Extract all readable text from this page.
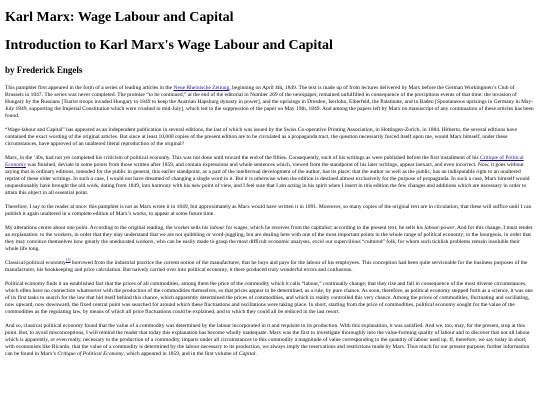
Karl Marx: Wage Labour and Capital
Introduction to Karl Marx's Wage Labour and Capital
by Frederick Engels

This pamphlet first appeared in the form of a series of leading articles in the Neue Rheinische Zeitung, beginning on April 4th, 1849. The text is made up of from lectures delivered by Marx before the German Workingmen’s Club of Brussels in 1847. The series was never completed. The promise “to be continued,” at the end of the editorial in Number 269 of the newspaper, remained unfulfilled in consequence of the precipitous events of that time: the invasion of Hungary by the Russians [Tsarist troops invaded Hungary in 1849 to keep the Austrian Hapsburg dynasty in power], and the uprisings in Dresden, Iserlohn, Elberfeld, the Palatinate, and in Baden [Spontaneous uprisings in Germany in May-July 1849, supporting the Imperial Constitution which were crushed in mid-July], which led to the suppression of the paper on May 19th, 1849. And among the papers left by Marx no manuscript of any continuation of these articles has been found.

“Wage-labour and Capital” has appeared as an independent publication in several editions, the last of which was issued by the Swiss Co-operative Printing Association, in Hottingen-Zurich, in 1884. Hitherto, the several editions have contained the exact wording of the original articles. But since at least 10,000 copies of the present edition are to be circulated as a propaganda tract, the question necessarily forced itself upon me, would Marx himself, under these circumstances, have approved of an unaltered literal reproduction of the original?

Marx, in the ’40s, had not yet completed his criticism of political economy. This was not done until toward the end of the fifties. Consequently, such of his writings as were published before the first installment of his Critique of Political Economy was finished, deviate in some points from those written after 1859, and contain expressions and whole sentences which, viewed from the standpoint of his later writings, appear inexact, and even incorrect. Now, it goes without saying that in ordinary editions, intended for the public in general, this earlier standpoint, as a part of the intellectual development of the author, has its place; that the author as well as the public, has an indisputable right to an unaltered reprint of these older writings. In such a case, I would not have dreamed of changing a single word in it. But it is otherwise when the edition is destined almost exclusively for the purpose of propaganda. In such a case, Marx himself would unquestionably have brought the old work, dating from 1849, into harmony with his new point of view, and I feel sure that I am acting in his spirit when I insert in this edition the few changes and additions which are necessary in order to attain this object in all essential point.

Therefore, I say to the reader at once: this pamphlet is not as Marx wrote it in 1849, but approximately as Marx would have written it in 1891. Moreover, so many copies of the original text are in circulation, that these will suffice until I can publish it again unaltered in a complete edition of Marx’s works, to appear at some future time.

My alterations centre about one point. According to the original reading, the worker sells his labour for wages, which he receives from the capitalist; according to the present text, he sells his labour-power. And for this change, I must render an explanation: to the workers, in order that they may understand that we are not quibbling or word-juggling, but are dealing here with one of the most important points in the whole range of political economy; to the bourgeois, in order that they may convince themselves how greatly the uneducated workers, who can be easily made to grasp the most difficult economic analyses, excel our supercilious “cultured” folk, for whom such ticklish problems remain insoluble their whole life long.

Classical political economy[1] borrowed from the industrial practice the current notion of the manufacturer, that he buys and pays for the labour of his employees. This conception had been quite serviceable for the business purposes of the manufacturer, his bookkeeping and price calculation. But naively carried over into political economy, it there produced truly wonderful errors and confusions.

Political economy finds it an established fact that the prices of all commodities, among them the price of the commodity which it calls “labour,” continually change; that they rise and fall in consequence of the most diverse circumstances, which often have no connection whatsoever with the production of the commodities themselves, so that prices appear to be determined, as a rule, by pure chance. As soon, therefore, as political economy stepped forth as a science, it was one of its first tasks to search for the law that hid itself behind this chance, which apparently determined the prices of commodities, and which in reality controlled this very chance. Among the prices of commodities, fluctuating and oscillating, now upward, now downward, the fixed central point was searched for around which these fluctuations and oscillations were taking place. In short, starting from the price of commodities, political economy sought for the value of the commodities as the regulating law, by means of which all price fluctuations could be explained, and to which they could all be reduced in the last resort.

And so, classical political economy found that the value of a commodity was determined by the labour incorporated in it and requisite to its production. With this explanation, it was satisfied. And we, too, may, for the present, stop at this point. But, to avoid misconceptions, I will remind the reader that today this explanation has become wholly inadequate. Marx was the first to investigate thoroughly into the value-forming quality of labour and to discover that not all labour which is apparently, or even really, necessary to the production of a commodity, imparts under all circumstances to this commodity a magnitude of value corresponding to the quantity of labour used up. If, therefore, we say today in short, with economists like Ricardo, that the value of a commodity is determined by the labour necessary to its production, we always imply the reservations and restrictions made by Marx. Thus much for our present purpose; further information can be found in Marx’s Critique of Political Economy, which appeared in 1859, and in the first volume of Capital.
